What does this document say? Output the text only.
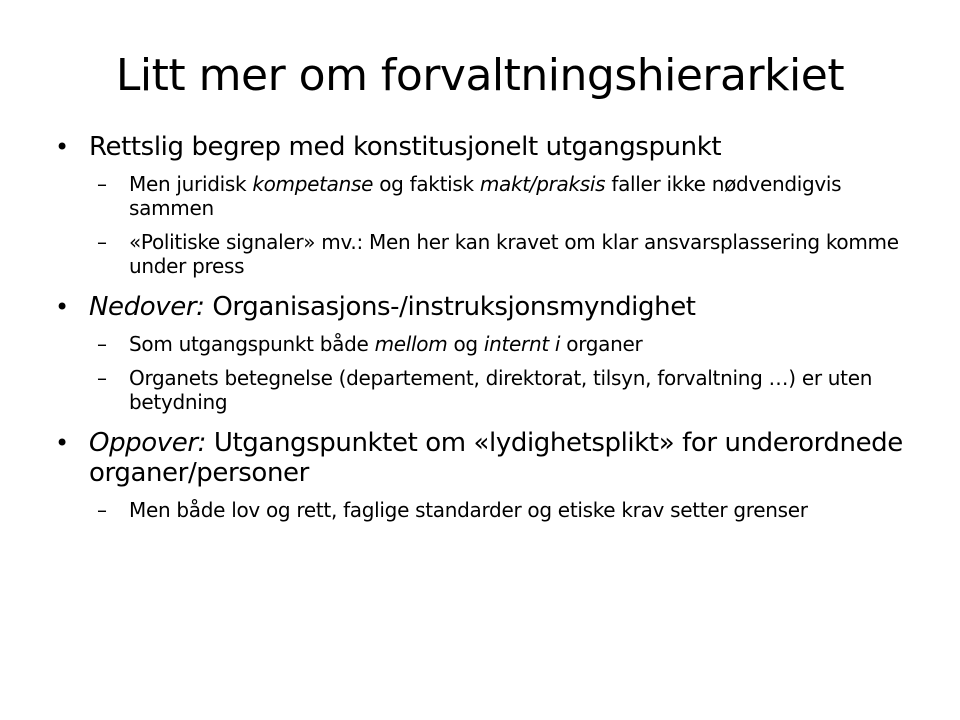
Litt mer om forvaltningshierarkiet
• Rettslig begrep med konstitusjonelt utgangspunkt
– Men juridisk kompetanse og faktisk makt/praksis faller ikke nødvendigvis sammen
– «Politiske signaler» mv.: Men her kan kravet om klar ansvarsplassering komme under press
• Nedover: Organisasjons-/instruksjonsmyndighet
– Som utgangspunkt både mellom og internt i organer
– Organets betegnelse (departement, direktorat, tilsyn, forvaltning …) er uten betydning
• Oppover: Utgangspunktet om «lydighetsplikt» for underordnede organer/personer
– Men både lov og rett, faglige standarder og etiske krav setter grenser
